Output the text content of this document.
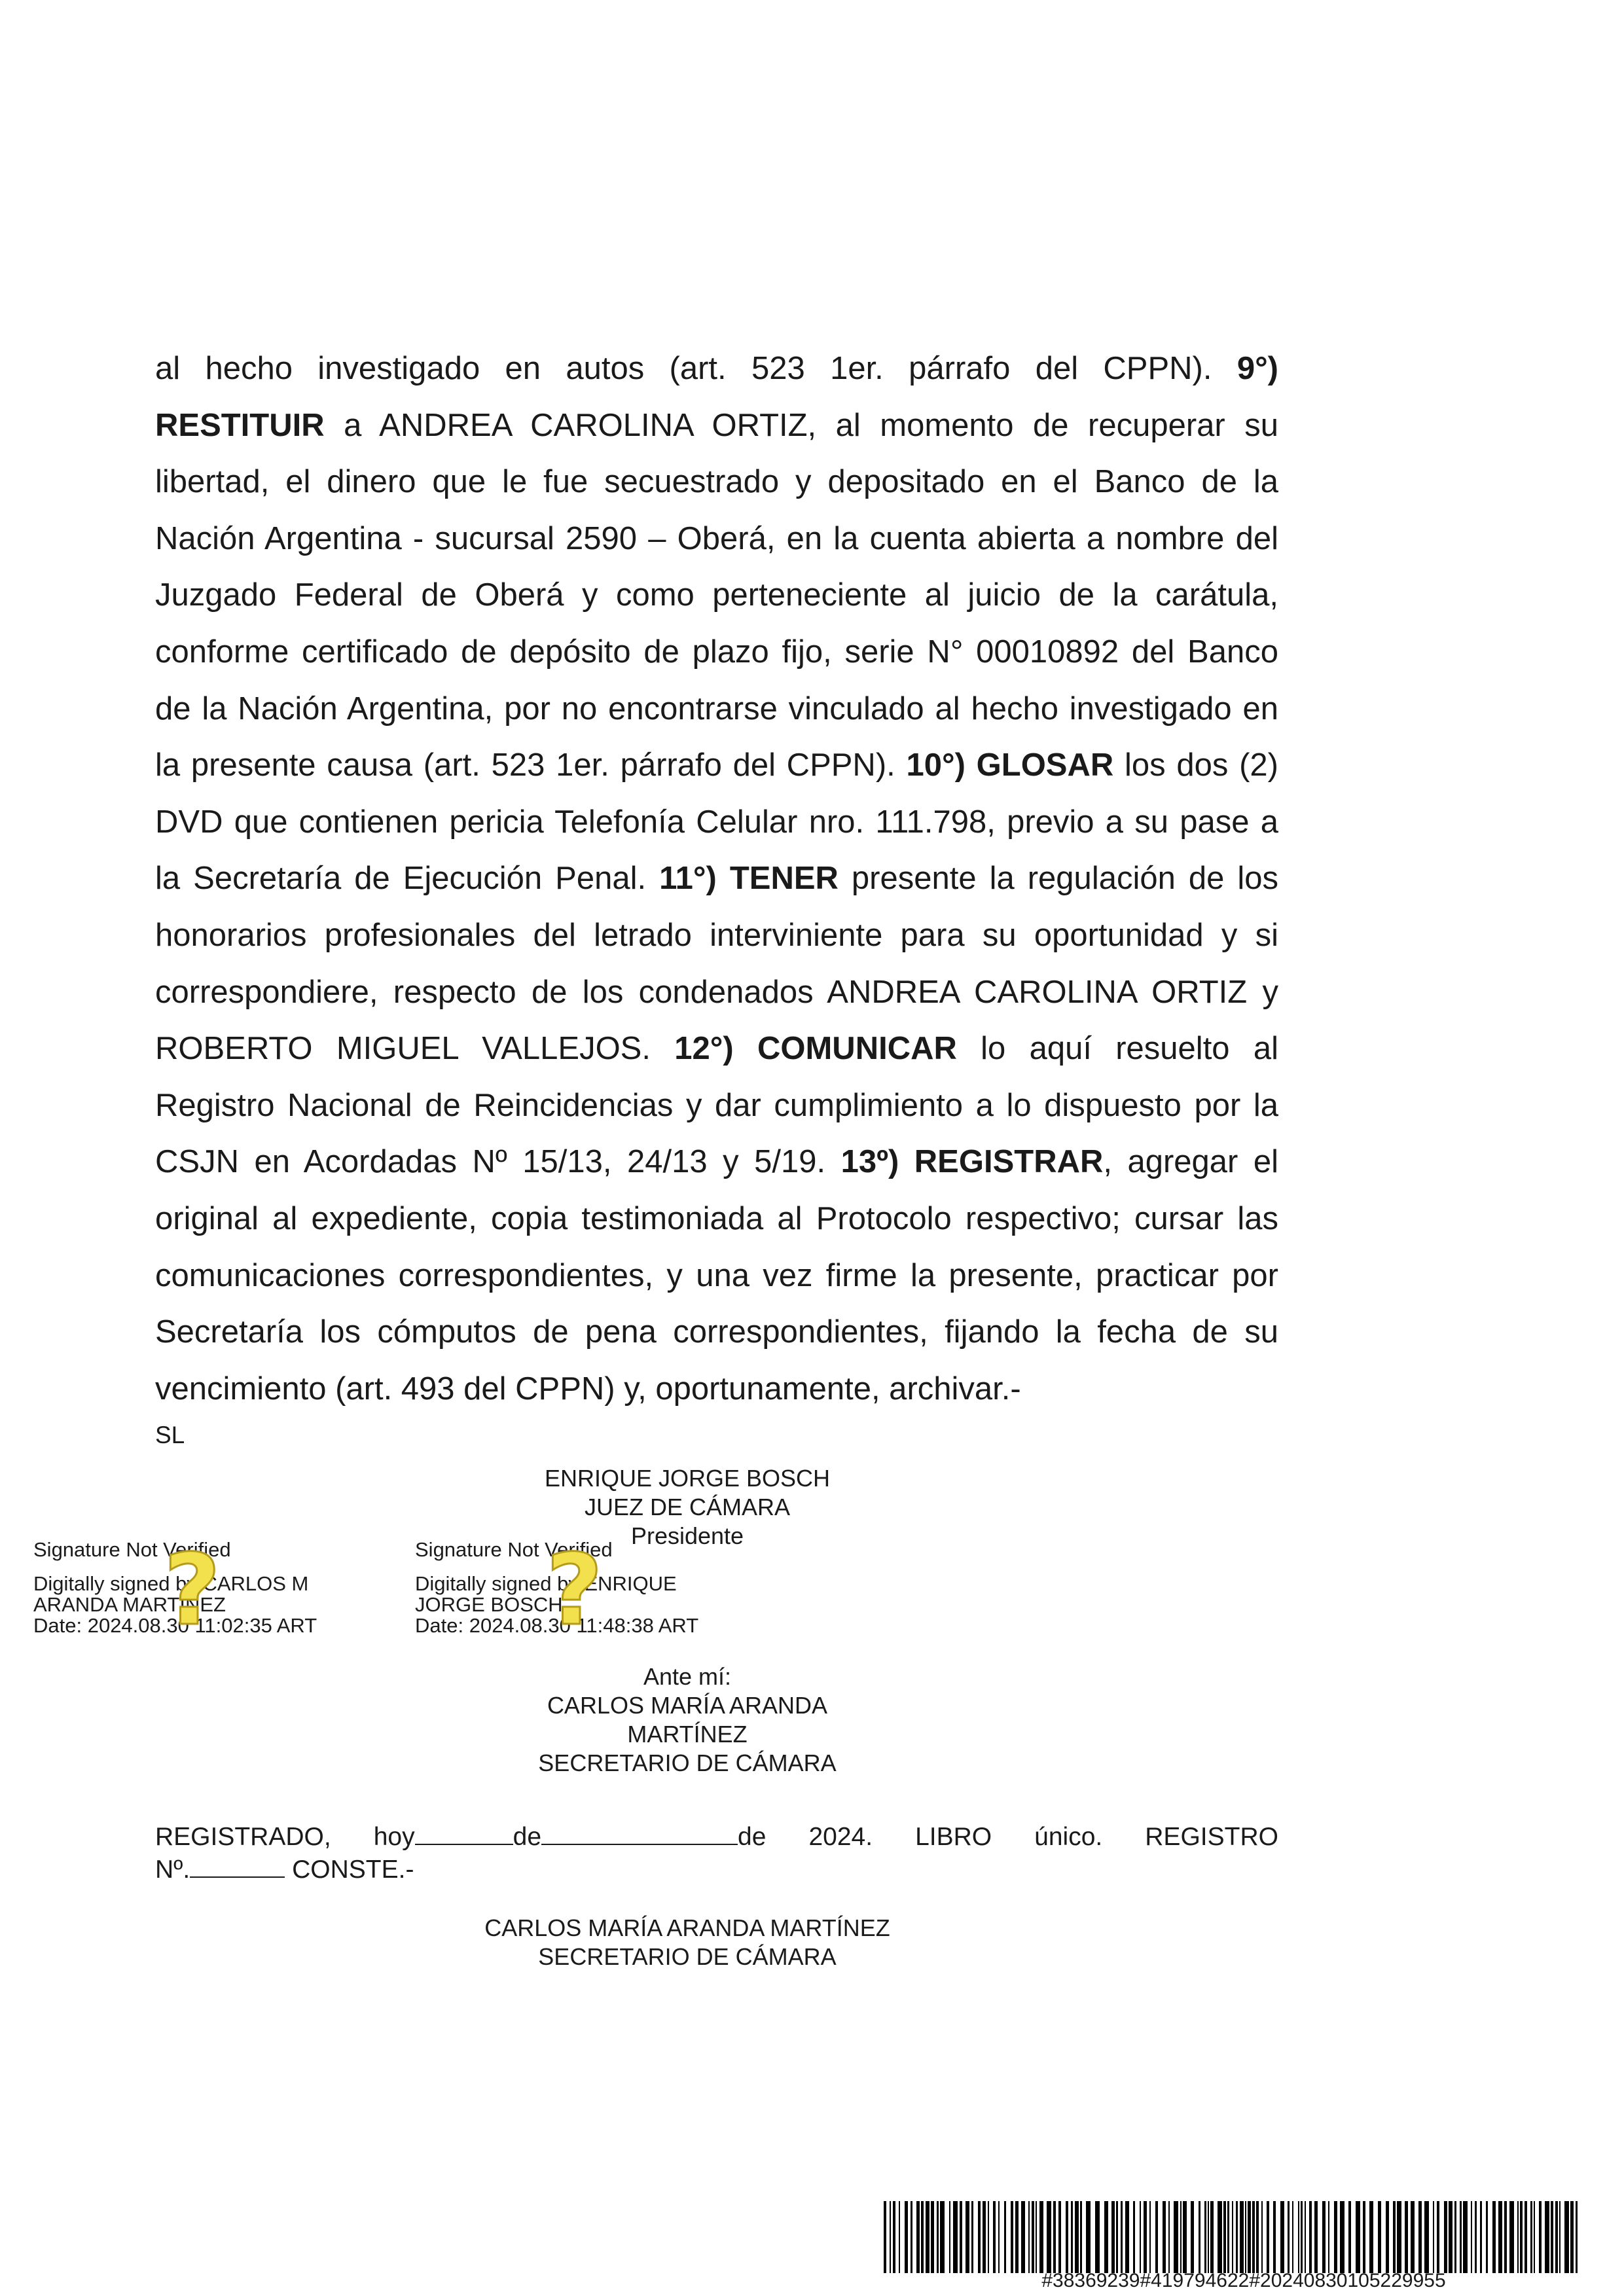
al hecho investigado en autos (art. 523 1er. párrafo del CPPN). 9°) RESTITUIR a ANDREA CAROLINA ORTIZ, al momento de recuperar su libertad, el dinero que le fue secuestrado y depositado en el Banco de la Nación Argentina - sucursal 2590 – Oberá, en la cuenta abierta a nombre del Juzgado Federal de Oberá y como perteneciente al juicio de la carátula, conforme certificado de depósito de plazo fijo, serie N° 00010892 del Banco de la Nación Argentina, por no encontrarse vinculado al hecho investigado en la presente causa (art. 523 1er. párrafo del CPPN). 10°) GLOSAR los dos (2) DVD que contienen pericia Telefonía Celular nro. 111.798, previo a su pase a la Secretaría de Ejecución Penal. 11°) TENER presente la regulación de los honorarios profesionales del letrado interviniente para su oportunidad y si correspondiere, respecto de los condenados ANDREA CAROLINA ORTIZ y ROBERTO MIGUEL VALLEJOS. 12°) COMUNICAR lo aquí resuelto al Registro Nacional de Reincidencias y dar cumplimiento a lo dispuesto por la CSJN en Acordadas Nº 15/13, 24/13 y 5/19. 13º) REGISTRAR, agregar el original al expediente, copia testimoniada al Protocolo respectivo; cursar las comunicaciones correspondientes, y una vez firme la presente, practicar por Secretaría los cómputos de pena correspondientes, fijando la fecha de su vencimiento (art. 493 del CPPN) y, oportunamente, archivar.-
SL
ENRIQUE JORGE BOSCH
JUEZ DE CÁMARA
Presidente
Ante mí:
CARLOS MARÍA ARANDA
MARTÍNEZ
SECRETARIO DE CÁMARA
REGISTRADO, hoy	de	de 2024. LIBRO único. REGISTRO
Nº.	CONSTE.-
CARLOS MARÍA ARANDA MARTÍNEZ
SECRETARIO DE CÁMARA
Signature Not Verified
Digitally signed by CARLOS M
ARANDA MARTINEZ
Date: 2024.08.30 11:02:35 ART
?	Signature Not Verified
Digitally signed by ENRIQUE
JORGE BOSCH
Date: 2024.08.30 11:48:38 ART
?
#38369239#419794622#20240830105229955
